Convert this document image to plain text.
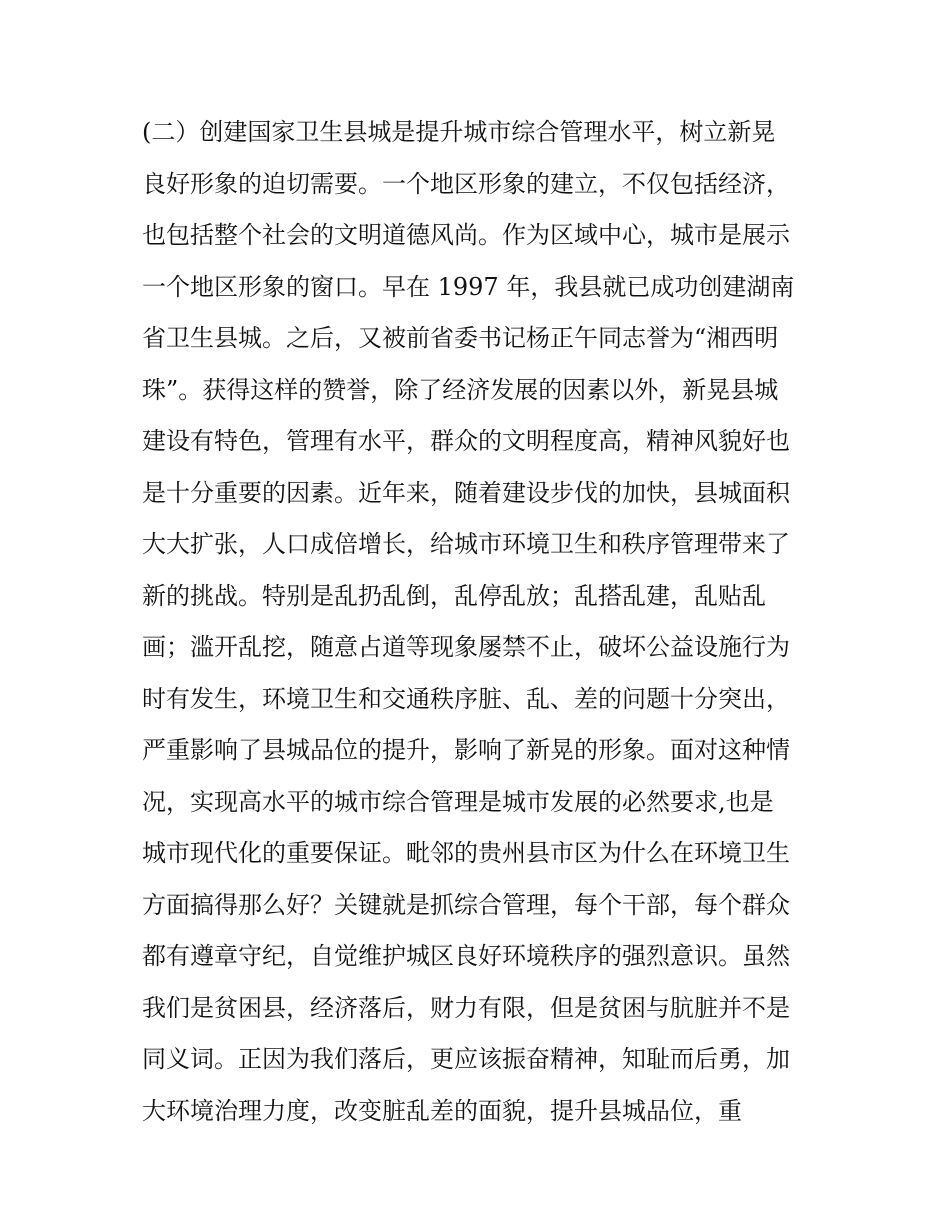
(二）创建国家卫生县城是提升城市综合管理水平，树立新晃
良好形象的迫切需要。一个地区形象的建立，不仅包括经济，
也包括整个社会的文明道德风尚。作为区域中心，城市是展示
一个地区形象的窗口。早在 1997 年，我县就已成功创建湖南
省卫生县城。之后，又被前省委书记杨正午同志誉为“湘西明
珠”。获得这样的赞誉，除了经济发展的因素以外，新晃县城
建设有特色，管理有水平，群众的文明程度高，精神风貌好也
是十分重要的因素。近年来，随着建设步伐的加快，县城面积
大大扩张，人口成倍增长，给城市环境卫生和秩序管理带来了
新的挑战。特别是乱扔乱倒，乱停乱放；乱搭乱建，乱贴乱
画；滥开乱挖，随意占道等现象屡禁不止，破坏公益设施行为
时有发生，环境卫生和交通秩序脏、乱、差的问题十分突出，
严重影响了县城品位的提升，影响了新晃的形象。面对这种情
况，实现高水平的城市综合管理是城市发展的必然要求,也是
城市现代化的重要保证。毗邻的贵州县市区为什么在环境卫生
方面搞得那么好？关键就是抓综合管理，每个干部，每个群众
都有遵章守纪，自觉维护城区良好环境秩序的强烈意识。虽然
我们是贫困县，经济落后，财力有限，但是贫困与肮脏并不是
同义词。正因为我们落后，更应该振奋精神，知耻而后勇，加
大环境治理力度，改变脏乱差的面貌，提升县城品位，重
